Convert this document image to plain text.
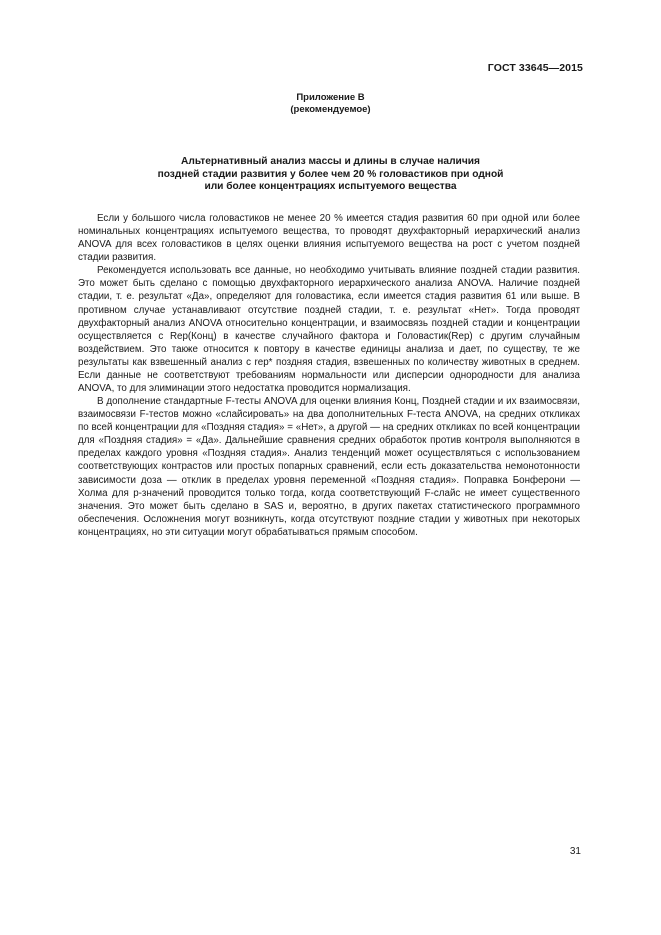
ГОСТ 33645—2015
Приложение В
(рекомендуемое)
Альтернативный анализ массы и длины в случае наличия
поздней стадии развития у более чем 20 % головастиков при одной
или более концентрациях испытуемого вещества

Если у большого числа головастиков не менее 20 % имеется стадия развития 60 при одной или более номинальных концентрациях испытуемого вещества, то проводят двухфакторный иерархический анализ ANOVA для всех головастиков в целях оценки влияния испытуемого вещества на рост с учетом поздней стадии развития.

Рекомендуется использовать все данные, но необходимо учитывать влияние поздней стадии развития. Это может быть сделано с помощью двухфакторного иерархического анализа ANOVA. Наличие поздней стадии, т. е. результат «Да», определяют для головастика, если имеется стадия развития 61 или выше. В противном случае устанавливают отсутствие поздней стадии, т. е. результат «Нет». Тогда проводят двухфакторный анализ ANOVA относительно концентрации, и взаимосвязь поздней стадии и концентрации осуществляется с Rep(Конц) в качестве случайного фактора и Головастик(Rep) с другим случайным воздействием. Это также относится к повтору в качестве единицы анализа и дает, по существу, те же результаты как взвешенный анализ с rep* поздняя стадия, взвешенных по количеству животных в среднем. Если данные не соответствуют требованиям нормальности или дисперсии однородности для анализа ANOVA, то для элиминации этого недостатка проводится нормализация.

В дополнение стандартные F-тесты ANOVA для оценки влияния Конц, Поздней стадии и их взаимосвязи, взаимосвязи F-тестов можно «слайсировать» на два дополнительных F-теста ANOVA, на средних откликах по всей концентрации для «Поздняя стадия» = «Нет», а другой — на средних откликах по всей концентрации для «Поздняя стадия» = «Да». Дальнейшие сравнения средних обработок против контроля выполняются в пределах каждого уровня «Поздняя стадия». Анализ тенденций может осуществляться с использованием соответствующих контрастов или простых попарных сравнений, если есть доказательства немонотонности зависимости доза — отклик в пределах уровня переменной «Поздняя стадия». Поправка Бонферони — Холма для p-значений проводится только тогда, когда соответствующий F-слайс не имеет существенного значения. Это может быть сделано в SAS и, вероятно, в других пакетах статистического программного обеспечения. Осложнения могут возникнуть, когда отсутствуют поздние стадии у животных при некоторых концентрациях, но эти ситуации могут обрабатываться прямым способом.

31
